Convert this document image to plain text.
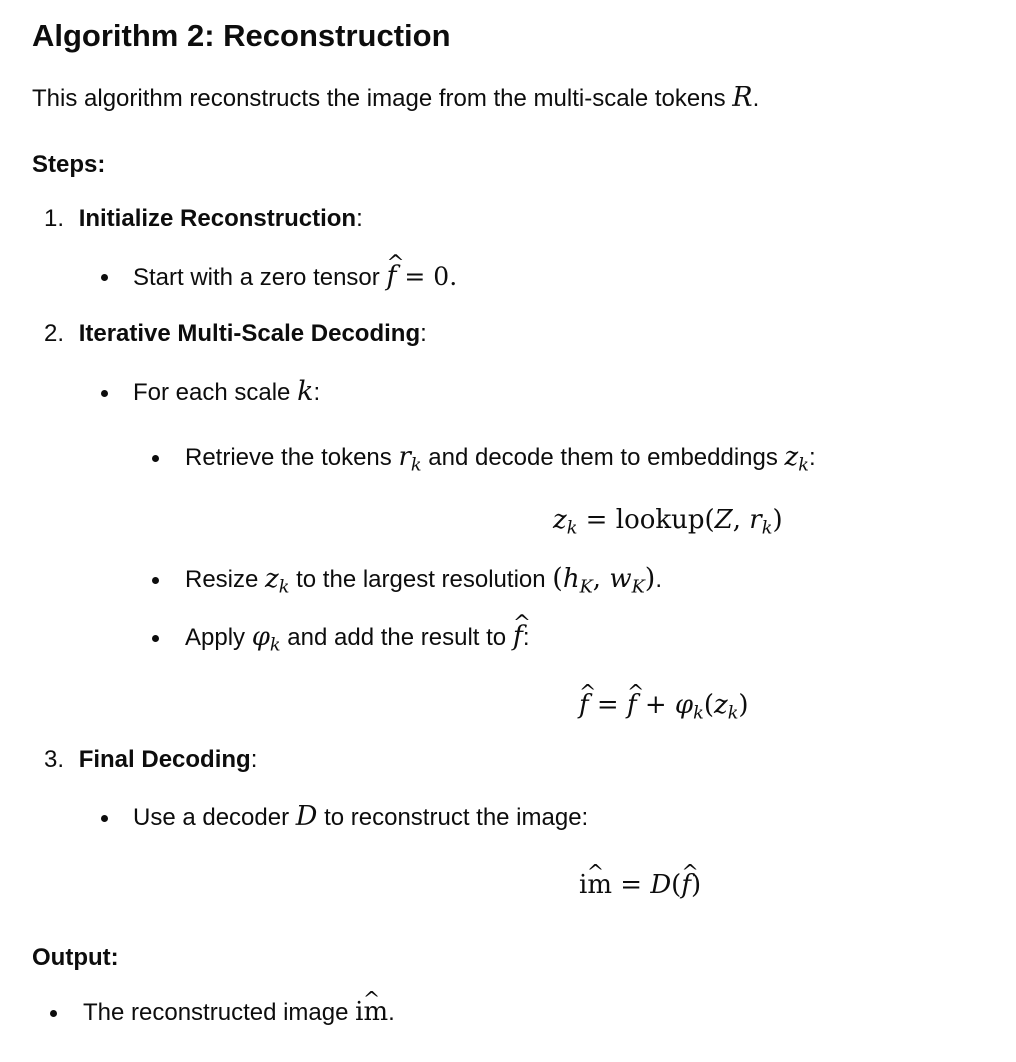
Algorithm 2: Reconstruction
This algorithm reconstructs the image from the multi-scale tokens R.
Steps:
1. Initialize Reconstruction:
Start with a zero tensor ^ f = 0.
2. Iterative Multi-Scale Decoding:
For each scale k:
Retrieve the tokens $r_k$ and decode them to embeddings $z_k$:
$z_k$ = lookup(Z, $r_k$)
Resize $z_k$ to the largest resolution ($h_K$, $w_K$).
Apply $\varphi_k$ and add the result to ^ f:
^ f = ^ $f + \varphi_k(z_k)$
3. Final Decoding:
Use a decoder D to reconstruct the image:
^ im = D(^ f)
Output:
The reconstructed image ^ im.
